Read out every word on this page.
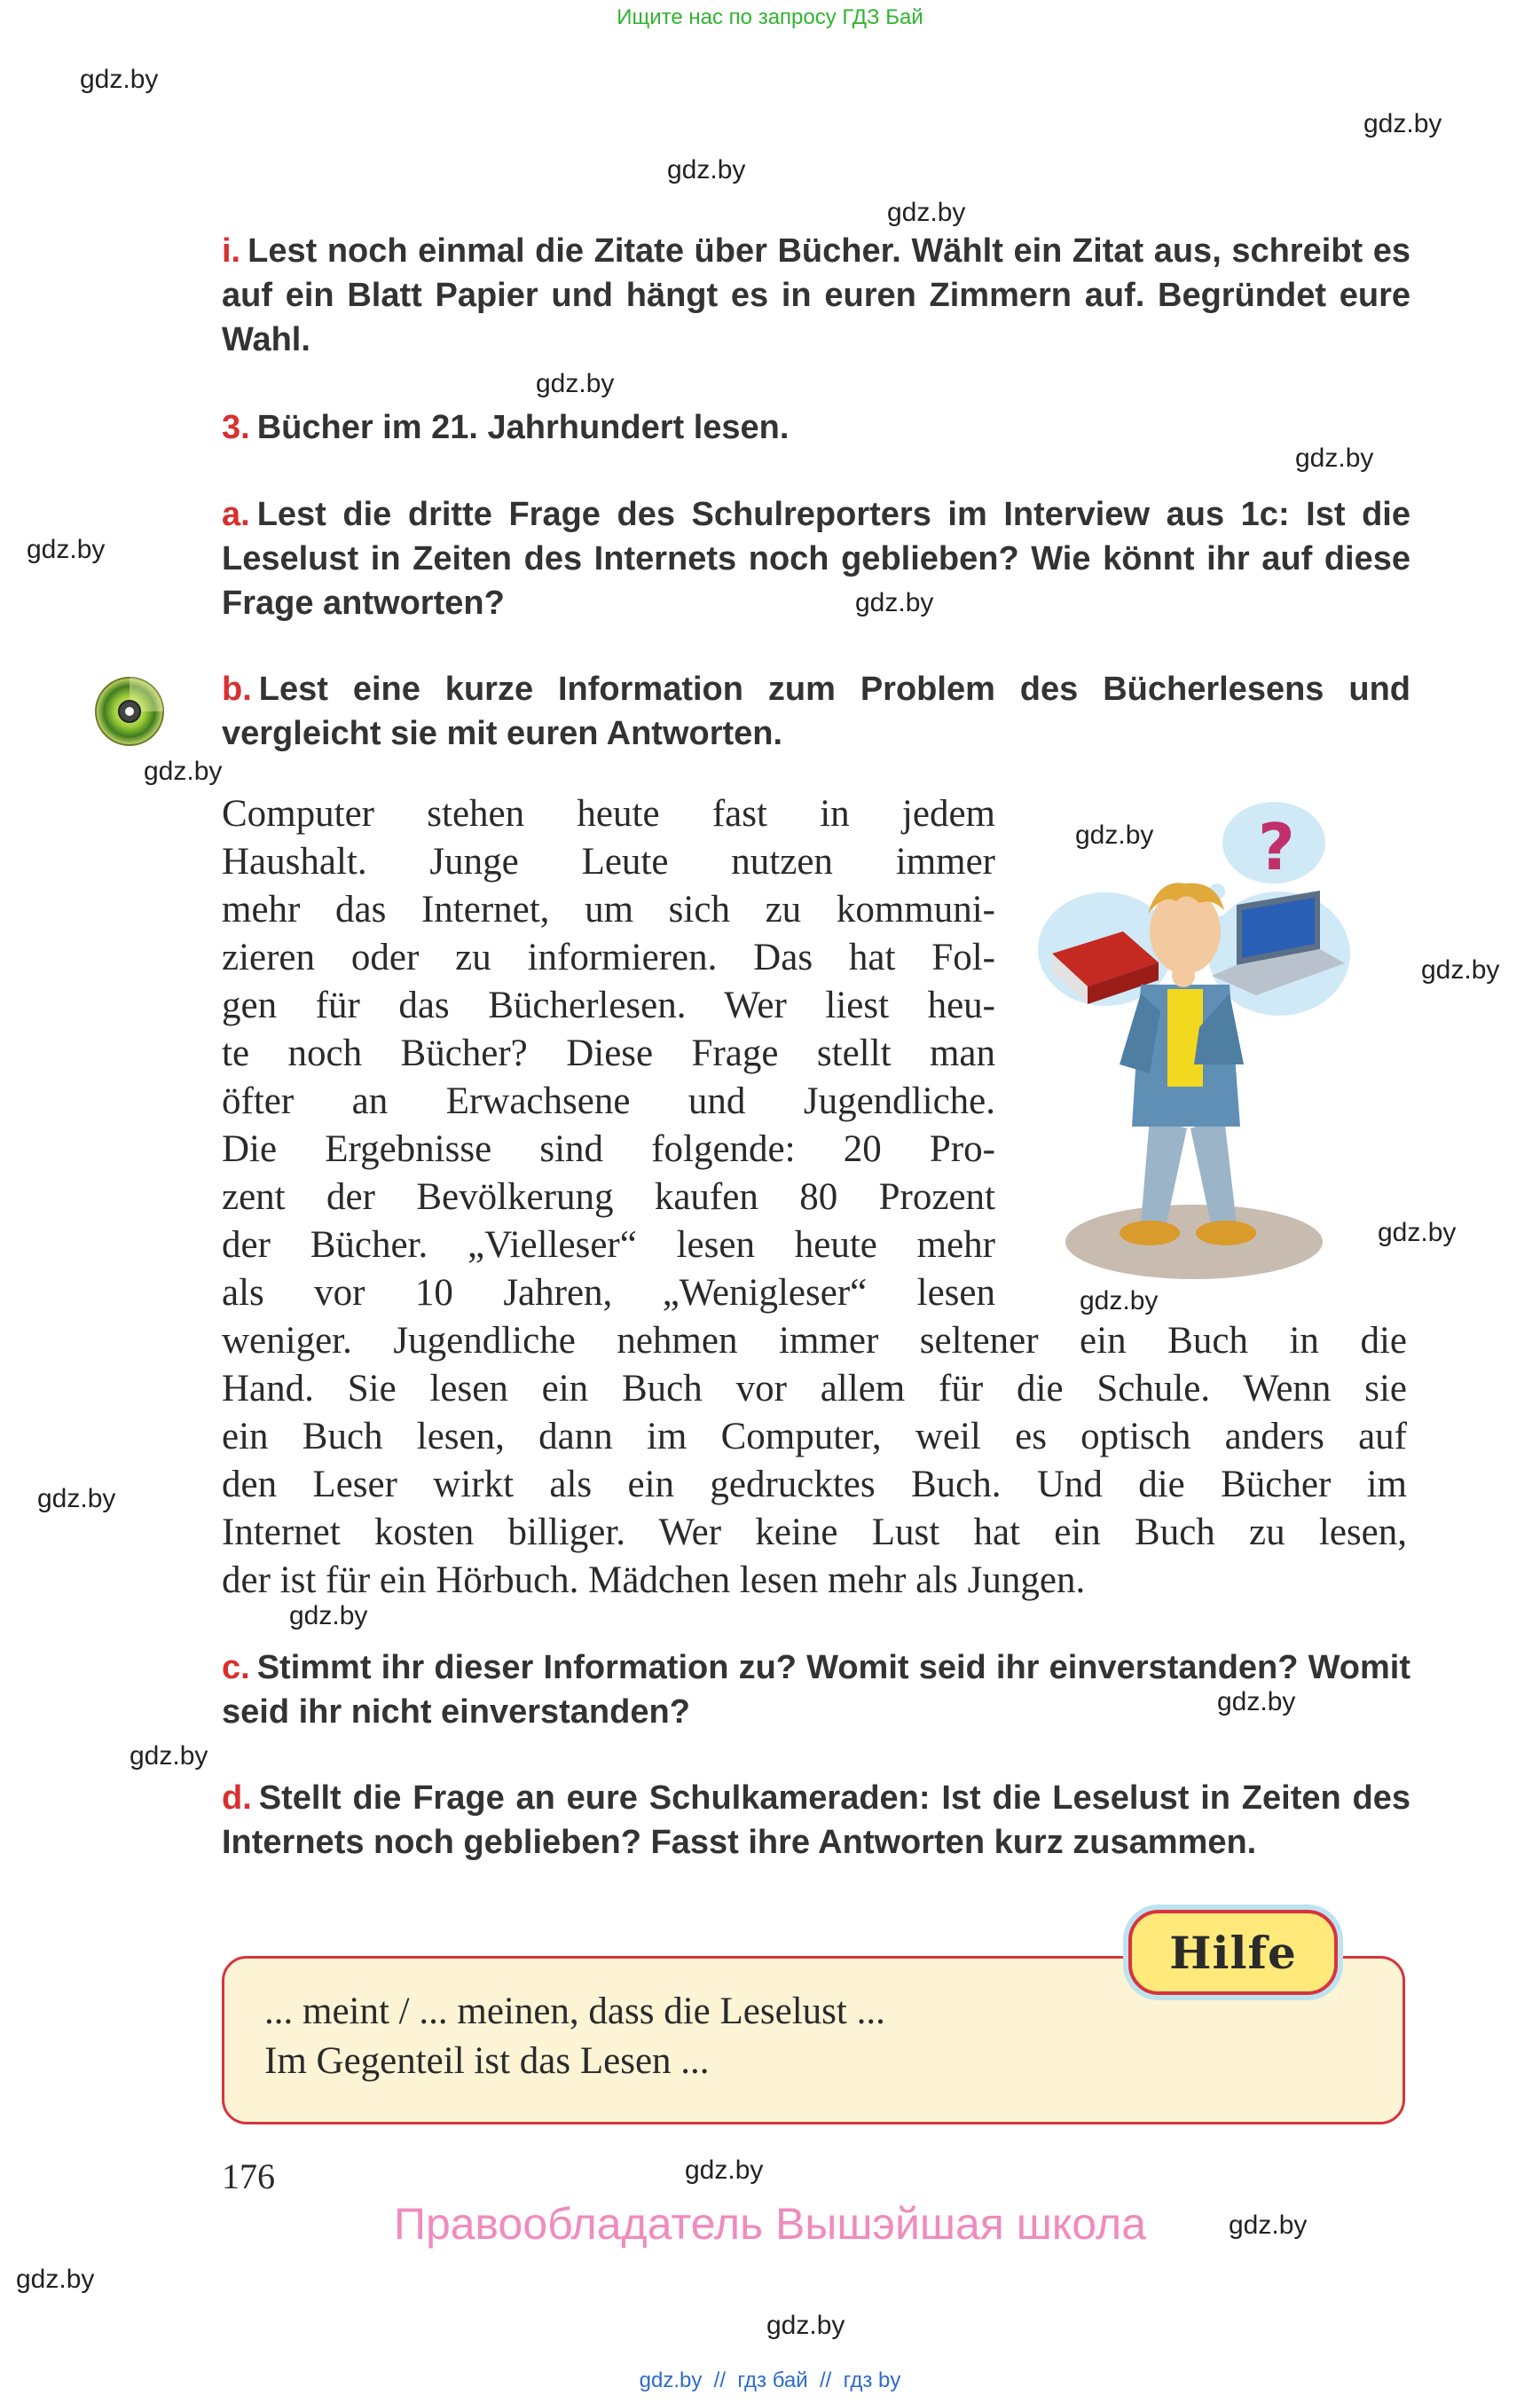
Ищите нас по запросу ГДЗ Бай
gdz.by
gdz.by
gdz.by
gdz.by
gdz.by
gdz.by
gdz.by
gdz.by
gdz.by
gdz.by
gdz.by
gdz.by
gdz.by
gdz.by
gdz.by
gdz.by
gdz.by
gdz.by
gdz.by
gdz.by
gdz.by
i. Lest noch einmal die Zitate über Bücher. Wählt ein Zitat aus, schreibt es auf ein Blatt Papier und hängt es in euren Zimmern auf. Begründet eure Wahl.
3. Bücher im 21. Jahrhundert lesen.
a. Lest die dritte Frage des Schulreporters im Interview aus 1c: Ist die Leselust in Zeiten des Internets noch geblieben? Wie könnt ihr auf diese Frage antworten?
b. Lest eine kurze Information zum Problem des Bücherlesens und vergleicht sie mit euren Antworten.
Computer stehen heute fast in jedem
Haushalt. Junge Leute nutzen immer
mehr das Internet, um sich zu kommuni-
zieren oder zu informieren. Das hat Fol-
gen für das Bücherlesen. Wer liest heu-
te noch Bücher? Diese Frage stellt man
öfter an Erwachsene und Jugendliche.
Die Ergebnisse sind folgende: 20 Pro-
zent der Bevölkerung kaufen 80 Prozent
der Bücher. „Vielleser“ lesen heute mehr
als vor 10 Jahren, „Wenigleser“ lesen
weniger. Jugendliche nehmen immer seltener ein Buch in die
Hand. Sie lesen ein Buch vor allem für die Schule. Wenn sie
ein Buch lesen, dann im Computer, weil es optisch anders auf
den Leser wirkt als ein gedrucktes Buch. Und die Bücher im
Internet kosten billiger. Wer keine Lust hat ein Buch zu lesen,
der ist für ein Hörbuch. Mädchen lesen mehr als Jungen.
?
c. Stimmt ihr dieser Information zu? Womit seid ihr einverstanden? Womit seid ihr nicht einverstanden?
d. Stellt die Frage an eure Schulkameraden: Ist die Leselust in Zeiten des Internets noch geblieben? Fasst ihre Antworten kurz zusammen.
Hilfe
... meint / ... meinen, dass die Leselust ...
Im Gegenteil ist das Lesen ...
176
Правообладатель Вышэйшая школа
gdz.by  //  гдз бай  //  гдз by
